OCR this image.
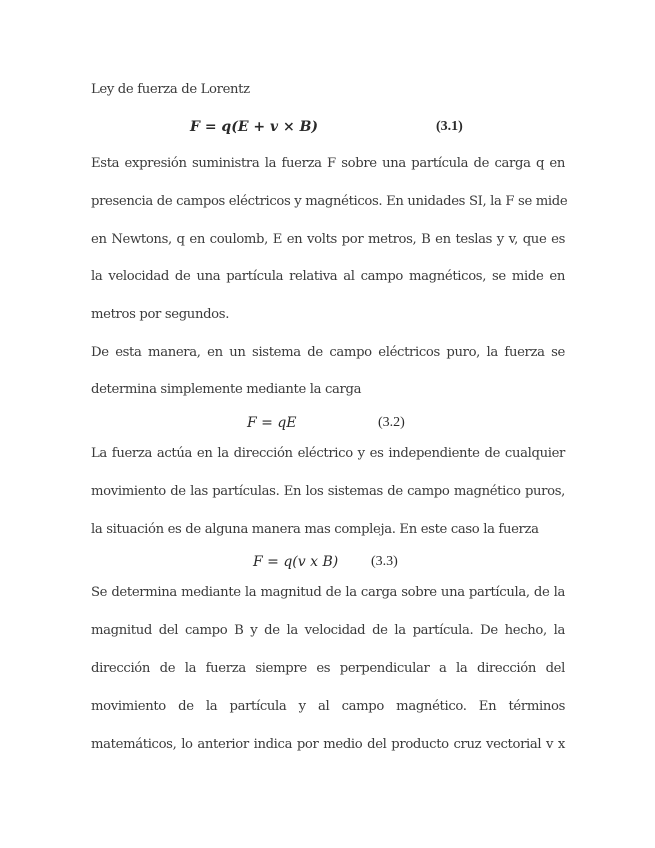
Ley de fuerza de Lorentz
F = q(E + v × B)	(3.1)
Esta expresión suministra la fuerza F sobre una partícula de carga q en
presencia de campos eléctricos y magnéticos. En unidades SI, la F se mide
en Newtons, q en coulomb, E en volts por metros, B en teslas y v, que es
la velocidad de una partícula relativa al campo magnéticos, se mide en
metros por segundos.
De esta manera, en un sistema de campo eléctricos puro, la fuerza se
determina simplemente mediante la carga
F = qE	(3.2)
La fuerza actúa en la dirección eléctrico y es independiente de cualquier
movimiento de las partículas. En los sistemas de campo magnético puros,
la situación es de alguna manera mas compleja. En este caso la fuerza
F = q(v x B) (3.3)
Se determina mediante la magnitud de la carga sobre una partícula, de la
magnitud del campo B y de la velocidad de la partícula. De hecho, la
dirección de la fuerza siempre es perpendicular a la dirección del
movimiento de la partícula y al campo magnético. En términos
matemáticos, lo anterior indica por medio del producto cruz vectorial v x
